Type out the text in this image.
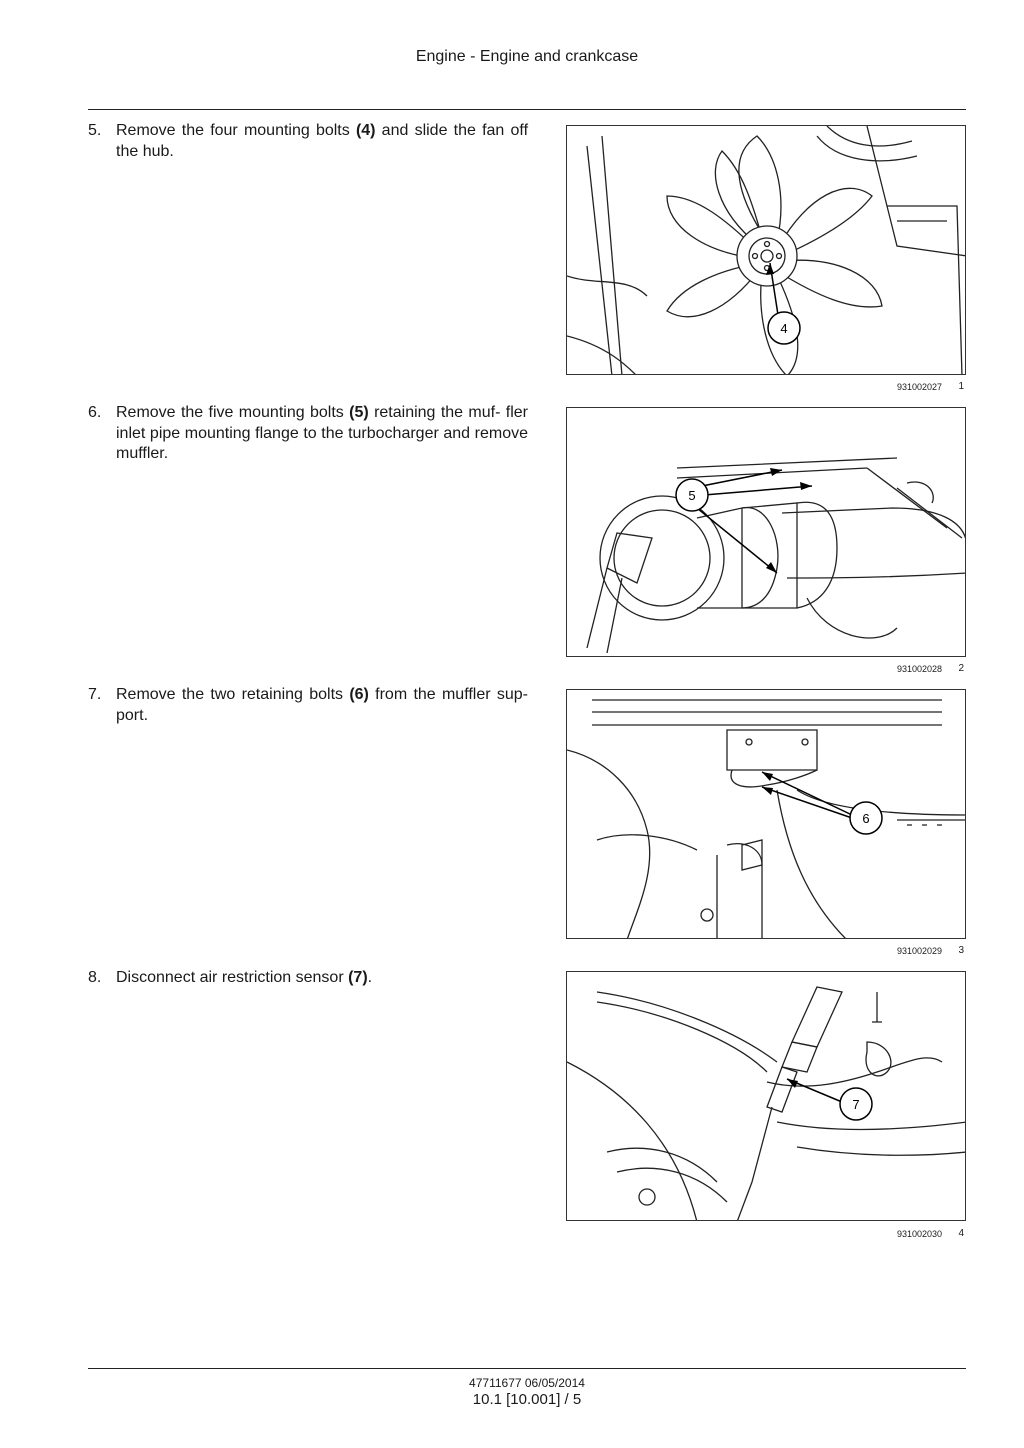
Engine - Engine and crankcase
5. Remove the four mounting bolts (4) and slide the fan off the hub.
6. Remove the five mounting bolts (5) retaining the muf- fler inlet pipe mounting flange to the turbocharger and remove muffler.
7. Remove the two retaining bolts (6) from the muffler sup- port.
8. Disconnect air restriction sensor (7).
4
931002027 1
5
931002028 2
6
931002029 3
7
931002030 4
47711677 06/05/2014
10.1 [10.001] / 5
